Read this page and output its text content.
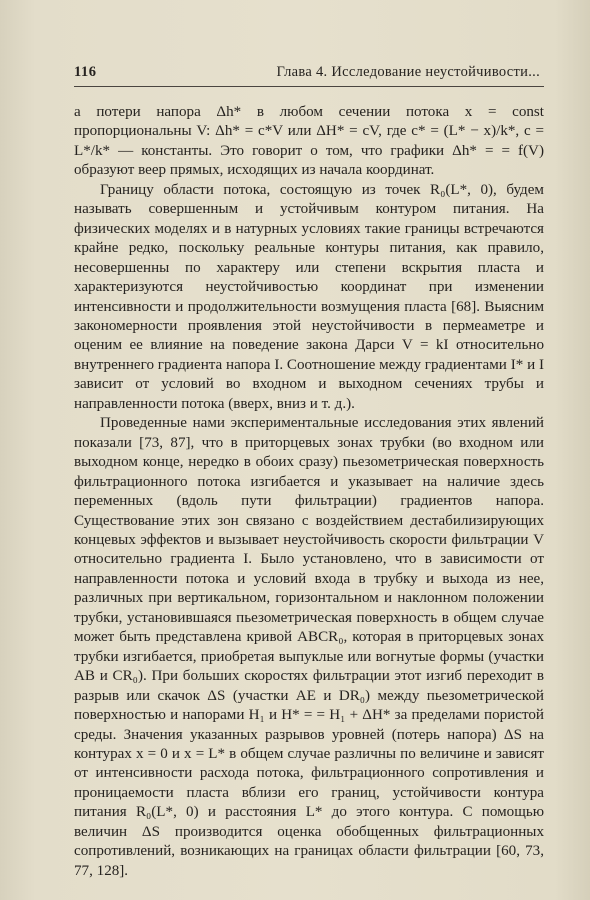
116	Глава 4. Исследование неустойчивости...

а потери напора Δh* в любом сечении потока x = const пропорциональны V: Δh* = c*V или ΔH* = cV, где c* = (L* − x)/k*, c = L*/k* — константы. Это говорит о том, что графики Δh* = = f(V) образуют веер прямых, исходящих из начала координат.

Границу области потока, состоящую из точек R₀(L*, 0), будем называть совершенным и устойчивым контуром питания. На физических моделях и в натурных условиях такие границы встречаются крайне редко, поскольку реальные контуры питания, как правило, несовершенны по характеру или степени вскрытия пласта и характеризуются неустойчивостью координат при изменении интенсивности и продолжительности возмущения пласта [68]. Выясним закономерности проявления этой неустойчивости в пермеаметре и оценим ее влияние на поведение закона Дарси V = kI относительно внутреннего градиента напора I. Соотношение между градиентами I* и I зависит от условий во входном и выходном сечениях трубы и направленности потока (вверх, вниз и т. д.).

Проведенные нами экспериментальные исследования этих явлений показали [73, 87], что в приторцевых зонах трубки (во входном или выходном конце, нередко в обоих сразу) пьезометрическая поверхность фильтрационного потока изгибается и указывает на наличие здесь переменных (вдоль пути фильтрации) градиентов напора. Существование этих зон связано с воздействием дестабилизирующих концевых эффектов и вызывает неустойчивость скорости фильтрации V относительно градиента I. Было установлено, что в зависимости от направленности потока и условий входа в трубку и выхода из нее, различных при вертикальном, горизонтальном и наклонном положении трубки, установившаяся пьезометрическая поверхность в общем случае может быть представлена кривой ABCR₀, которая в приторцевых зонах трубки изгибается, приобретая выпуклые или вогнутые формы (участки AB и CR₀). При больших скоростях фильтрации этот изгиб переходит в разрыв или скачок ΔS (участки AE и DR₀) между пьезометрической поверхностью и напорами H₁ и H* = = H₁ + ΔH* за пределами пористой среды. Значения указанных разрывов уровней (потерь напора) ΔS на контурах x = 0 и x = L* в общем случае различны по величине и зависят от интенсивности расхода потока, фильтрационного сопротивления и проницаемости пласта вблизи его границ, устойчивости контура питания R₀(L*, 0) и расстояния L* до этого контура. С помощью величин ΔS производится оценка обобщенных фильтрационных сопротивлений, возникающих на границах области фильтрации [60, 73, 77, 128].
